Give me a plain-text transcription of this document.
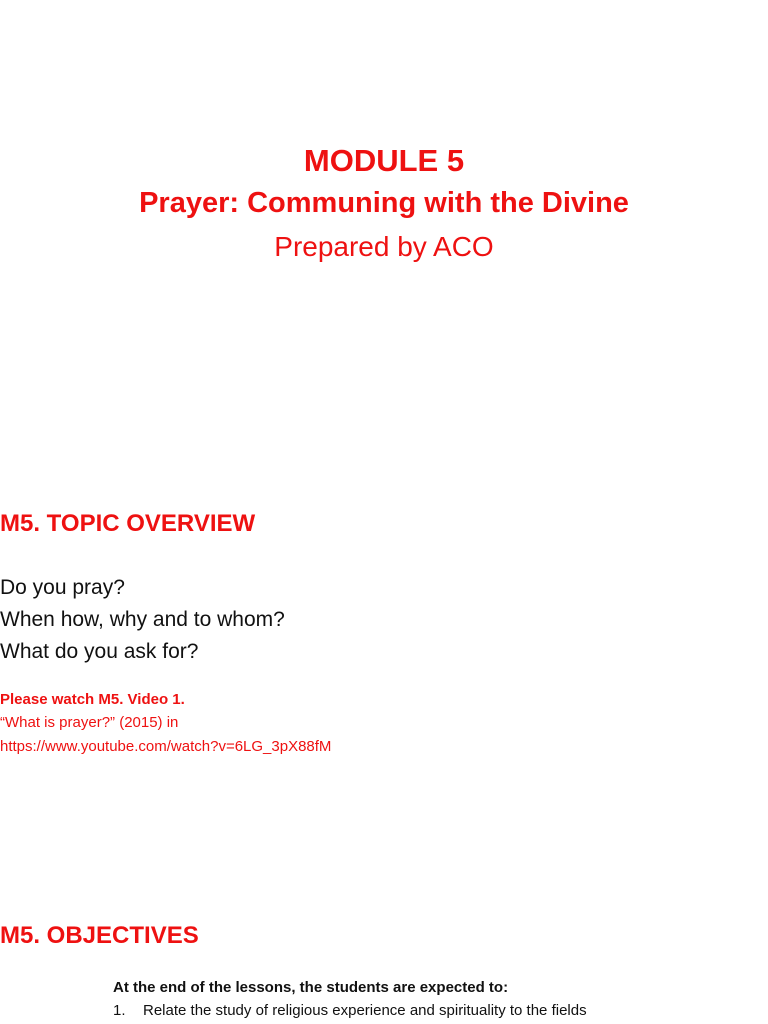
MODULE 5
Prayer: Communing with the Divine

Prepared by ACO

M5. TOPIC OVERVIEW

Do you pray?

When how, why and to whom?

What do you ask for?

Please watch M5. Video 1.

“What is prayer?” (2015) in

https://www.youtube.com/watch?v=6LG_3pX88fM

M5. OBJECTIVES

At the end of the lessons, the students are expected to:

1. Relate the study of religious experience and spirituality to the fields
